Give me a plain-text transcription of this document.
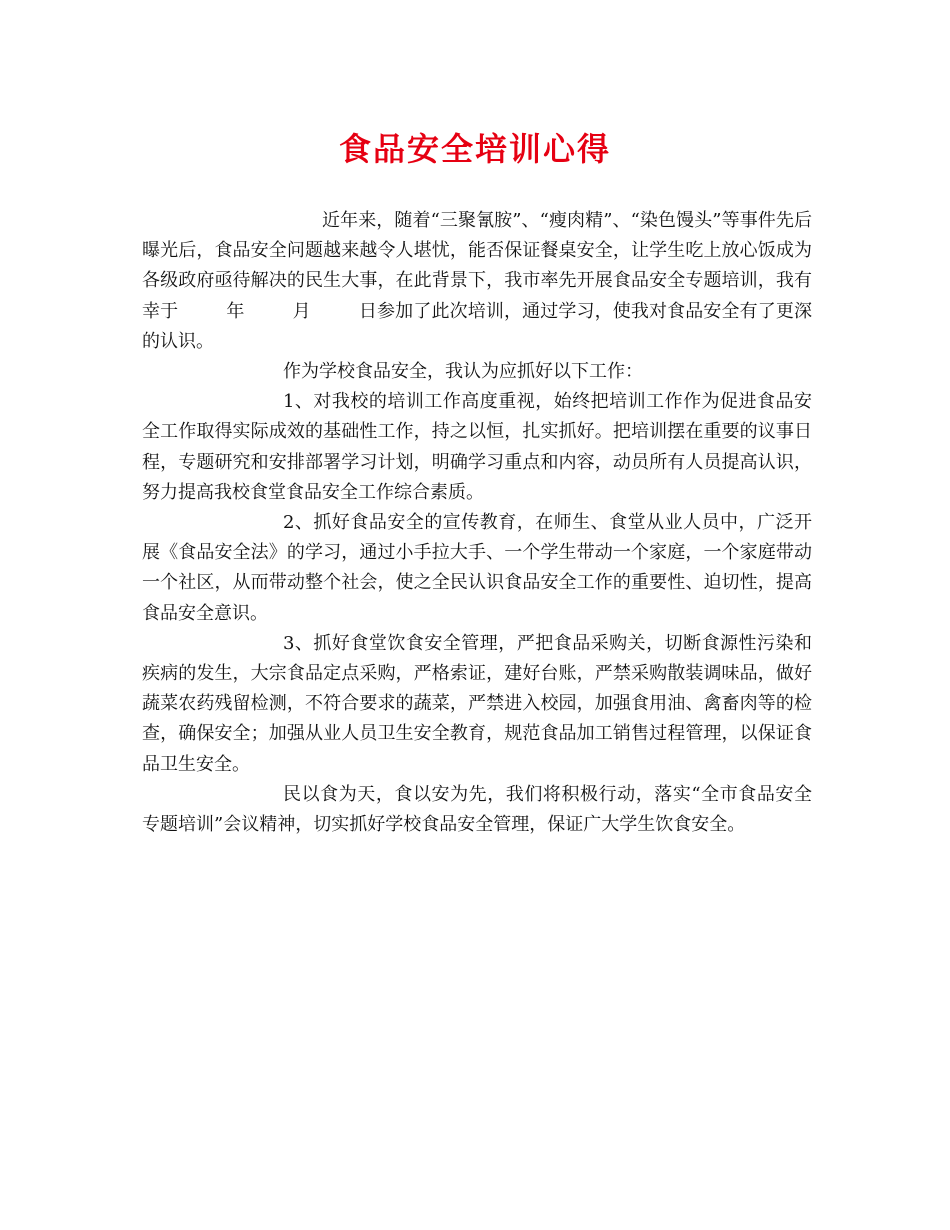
食品安全培训心得

近年来，随着“三聚氰胺”、“瘦肉精”、“染色馒头”等事件先后曝光后，食品安全问题越来越令人堪忧，能否保证餐桌安全，让学生吃上放心饭成为各级政府亟待解决的民生大事，在此背景下，我市率先开展食品安全专题培训，我有幸于	年	月	日参加了此次培训，通过学习，使我对食品安全有了更深的认识。

作为学校食品安全，我认为应抓好以下工作：

1、对我校的培训工作高度重视，始终把培训工作作为促进食品安全工作取得实际成效的基础性工作，持之以恒，扎实抓好。把培训摆在重要的议事日程，专题研究和安排部署学习计划，明确学习重点和内容，动员所有人员提高认识，努力提高我校食堂食品安全工作综合素质。

2、抓好食品安全的宣传教育，在师生、食堂从业人员中，广泛开展《食品安全法》的学习，通过小手拉大手、一个学生带动一个家庭，一个家庭带动一个社区，从而带动整个社会，使之全民认识食品安全工作的重要性、迫切性，提高食品安全意识。

3、抓好食堂饮食安全管理，严把食品采购关，切断食源性污染和疾病的发生，大宗食品定点采购，严格索证，建好台账，严禁采购散装调味品，做好蔬菜农药残留检测，不符合要求的蔬菜，严禁进入校园，加强食用油、禽畜肉等的检查，确保安全；加强从业人员卫生安全教育，规范食品加工销售过程管理，以保证食品卫生安全。

民以食为天，食以安为先，我们将积极行动，落实“全市食品安全专题培训”会议精神，切实抓好学校食品安全管理，保证广大学生饮食安全。
